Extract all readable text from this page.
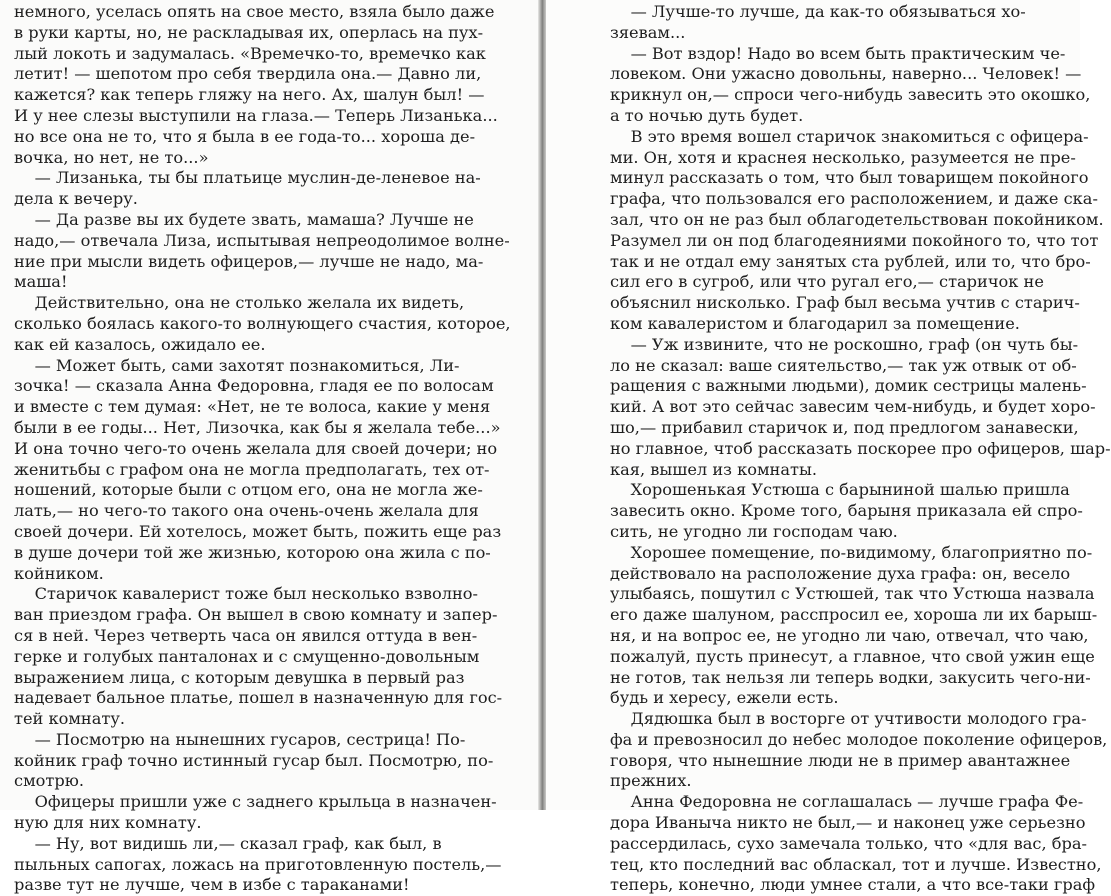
немного, уселась опять на свое место, взяла было даже
в руки карты, но, не раскладывая их, оперлась на пух-
лый локоть и задумалась. «Времечко-то, времечко как
летит! — шепотом про себя твердила она.— Давно ли,
кажется? как теперь гляжу на него. Ах, шалун был! —
И у нее слезы выступили на глаза.— Теперь Лизанька...
но все она не то, что я была в ее года-то... хороша де-
вочка, но нет, не то...»
— Лизанька, ты бы платьице муслин-де-леневое на-
дела к вечеру.
— Да разве вы их будете звать, мамаша? Лучше не
надо,— отвечала Лиза, испытывая непреодолимое волне-
ние при мысли видеть офицеров,— лучше не надо, ма-
маша!
Действительно, она не столько желала их видеть,
сколько боялась какого-то волнующего счастия, которое,
как ей казалось, ожидало ее.
— Может быть, сами захотят познакомиться, Ли-
зочка! — сказала Анна Федоровна, гладя ее по волосам
и вместе с тем думая: «Нет, не те волоса, какие у меня
были в ее годы... Нет, Лизочка, как бы я желала тебе...»
И она точно чего-то очень желала для своей дочери; но
женитьбы с графом она не могла предполагать, тех от-
ношений, которые были с отцом его, она не могла же-
лать,— но чего-то такого она очень-очень желала для
своей дочери. Ей хотелось, может быть, пожить еще раз
в душе дочери той же жизнью, которою она жила с по-
койником.
Старичок кавалерист тоже был несколько взволно-
ван приездом графа. Он вышел в свою комнату и запер-
ся в ней. Через четверть часа он явился оттуда в вен-
герке и голубых панталонах и с смущенно-довольным
выражением лица, с которым девушка в первый раз
надевает бальное платье, пошел в назначенную для гос-
тей комнату.
— Посмотрю на нынешних гусаров, сестрица! По-
койник граф точно истинный гусар был. Посмотрю, по-
смотрю.
Офицеры пришли уже с заднего крыльца в назначен-
ную для них комнату.
— Ну, вот видишь ли,— сказал граф, как был, в
пыльных сапогах, ложась на приготовленную постель,—
разве тут не лучше, чем в избе с тараканами!
— Лучше-то лучше, да как-то обязываться хо-
зяевам...
— Вот вздор! Надо во всем быть практическим че-
ловеком. Они ужасно довольны, наверно... Человек! —
крикнул он,— спроси чего-нибудь завесить это окошко,
а то ночью дуть будет.
В это время вошел старичок знакомиться с офицера-
ми. Он, хотя и краснея несколько, разумеется не пре-
минул рассказать о том, что был товарищем покойного
графа, что пользовался его расположением, и даже ска-
зал, что он не раз был облагодетельствован покойником.
Разумел ли он под благодеяниями покойного то, что тот
так и не отдал ему занятых ста рублей, или то, что бро-
сил его в сугроб, или что ругал его,— старичок не
объяснил нисколько. Граф был весьма учтив с старич-
ком кавалеристом и благодарил за помещение.
— Уж извините, что не роскошно, граф (он чуть бы-
ло не сказал: ваше сиятельство,— так уж отвык от об-
ращения с важными людьми), домик сестрицы малень-
кий. А вот это сейчас завесим чем-нибудь, и будет хоро-
шо,— прибавил старичок и, под предлогом занавески,
но главное, чтоб рассказать поскорее про офицеров, шар-
кая, вышел из комнаты.
Хорошенькая Устюша с барыниной шалью пришла
завесить окно. Кроме того, барыня приказала ей спро-
сить, не угодно ли господам чаю.
Хорошее помещение, по-видимому, благоприятно по-
действовало на расположение духа графа: он, весело
улыбаясь, пошутил с Устюшей, так что Устюша назвала
его даже шалуном, расспросил ее, хороша ли их барыш-
ня, и на вопрос ее, не угодно ли чаю, отвечал, что чаю,
пожалуй, пусть принесут, а главное, что свой ужин еще
не готов, так нельзя ли теперь водки, закусить чего-ни-
будь и хересу, ежели есть.
Дядюшка был в восторге от учтивости молодого гра-
фа и превозносил до небес молодое поколение офицеров,
говоря, что нынешние люди не в пример авантажнее
прежних.
Анна Федоровна не соглашалась — лучше графа Фе-
дора Иваныча никто не был,— и наконец уже серьезно
рассердилась, сухо замечала только, что «для вас, бра-
тец, кто последний вас обласкал, тот и лучше. Известно,
теперь, конечно, люди умнее стали, а что все-таки граф
